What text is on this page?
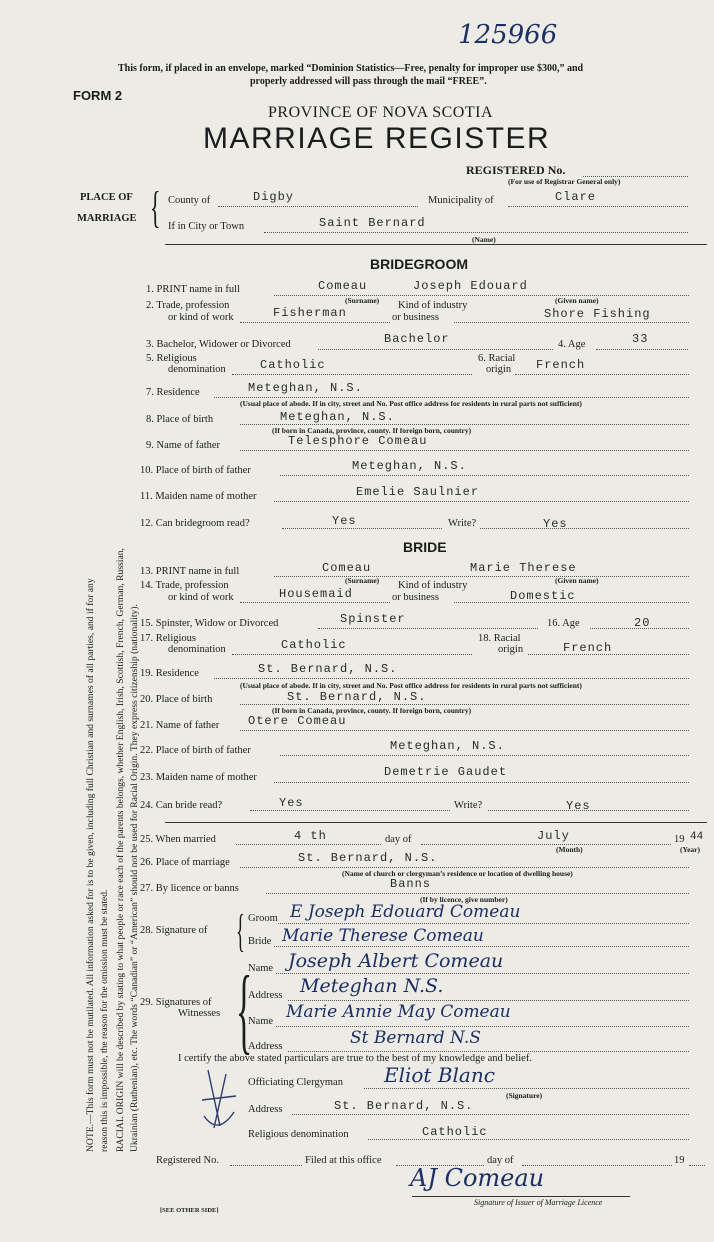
125966
This form, if placed in an envelope, marked “Dominion Statistics—Free, penalty for improper use $300,” and
properly addressed will pass through the mail “FREE”.
FORM 2
PROVINCE OF NOVA SCOTIA
MARRIAGE REGISTER
REGISTERED No.
(For use of Registrar General only)
PLACE OF
MARRIAGE { County of	Digby	Municipality of	Clare
If in City or Town	Saint Bernard
(Name)
BRIDEGROOM
1. PRINT name in full	Comeau	Joseph Edouard
(Surname)	(Given name)
2. Trade, profession
or kind of work	Fisherman
Kind of industry
or business	Shore Fishing
3. Bachelor, Widower or Divorced	Bachelor	4. Age	33
5. Religious
denomination	Catholic	6. Racial
origin French
7. Residence	Meteghan, N.S.
(Usual place of abode. If in city, street and No. Post office address for residents in rural parts not sufficient)
8. Place of birth	Meteghan, N.S.
(If born in Canada, province, county. If foreign born, country)
9. Name of father	Telesphore Comeau
10. Place of birth of father	Meteghan, N.S.
11. Maiden name of mother	Emelie Saulnier
12. Can bridegroom read?	Yes	Write?	Yes
BRIDE
13. PRINT name in full	Comeau	Marie Therese
(Surname)	(Given name)
14. Trade, profession
or kind of work	Housemaid
Kind of industry
or business	Domestic
15. Spinster, Widow or Divorced	Spinster	16. Age	20
17. Religious
denomination	Catholic	18. Racial
origin	French
19. Residence	St. Bernard, N.S.
(Usual place of abode. If in city, street and No. Post office address for residents in rural parts not sufficient)
20. Place of birth	St. Bernard, N.S.
(If born in Canada, province, county. If foreign born, country)
21. Name of father Otere Comeau
22. Place of birth of father	Meteghan, N.S.
23. Maiden name of mother	Demetrie Gaudet
24. Can bride read?	Yes	Write?	Yes
25. When married	4 th	day of	July
(Month)
19 44
(Year)
26. Place of marriage	St. Bernard, N.S.
(Name of church or clergyman’s residence or location of dwelling house)
27. By licence or banns	Banns
(If by licence, give number)
28. Signature of { Groom E Joseph Edouard Comeau
Bride Marie Therese Comeau
29. Signatures of
Witnesses {
Name Joseph Albert Comeau
Address Meteghan N.S.
Name Marie Annie May Comeau
Address	St Bernard N.S
I certify the above stated particulars are true to the best of my knowledge and belief.
Officiating Clergyman Eliot Blanc
(Signature)
Address	St. Bernard, N.S.
Religious denomination	Catholic
Registered No.	Filed at this office	day of	19
AJ Comeau
Signature of Issuer of Marriage Licence
[SEE OTHER SIDE]
NOTE.—This form must not be mutilated. All information asked for is to be given, including full Christian and surnames of all parties, and if for any reason this is impossible, the reason for the omission must be stated. RACIAL ORIGIN will be described by stating to what people or race each of the parents belongs, whether English, Irish, Scottish, French, German, Russian, Ukrainian (Ruthenian), etc. The words “Canadian” or “American” should not be used for Racial Origin. They express citizenship (nationality).
